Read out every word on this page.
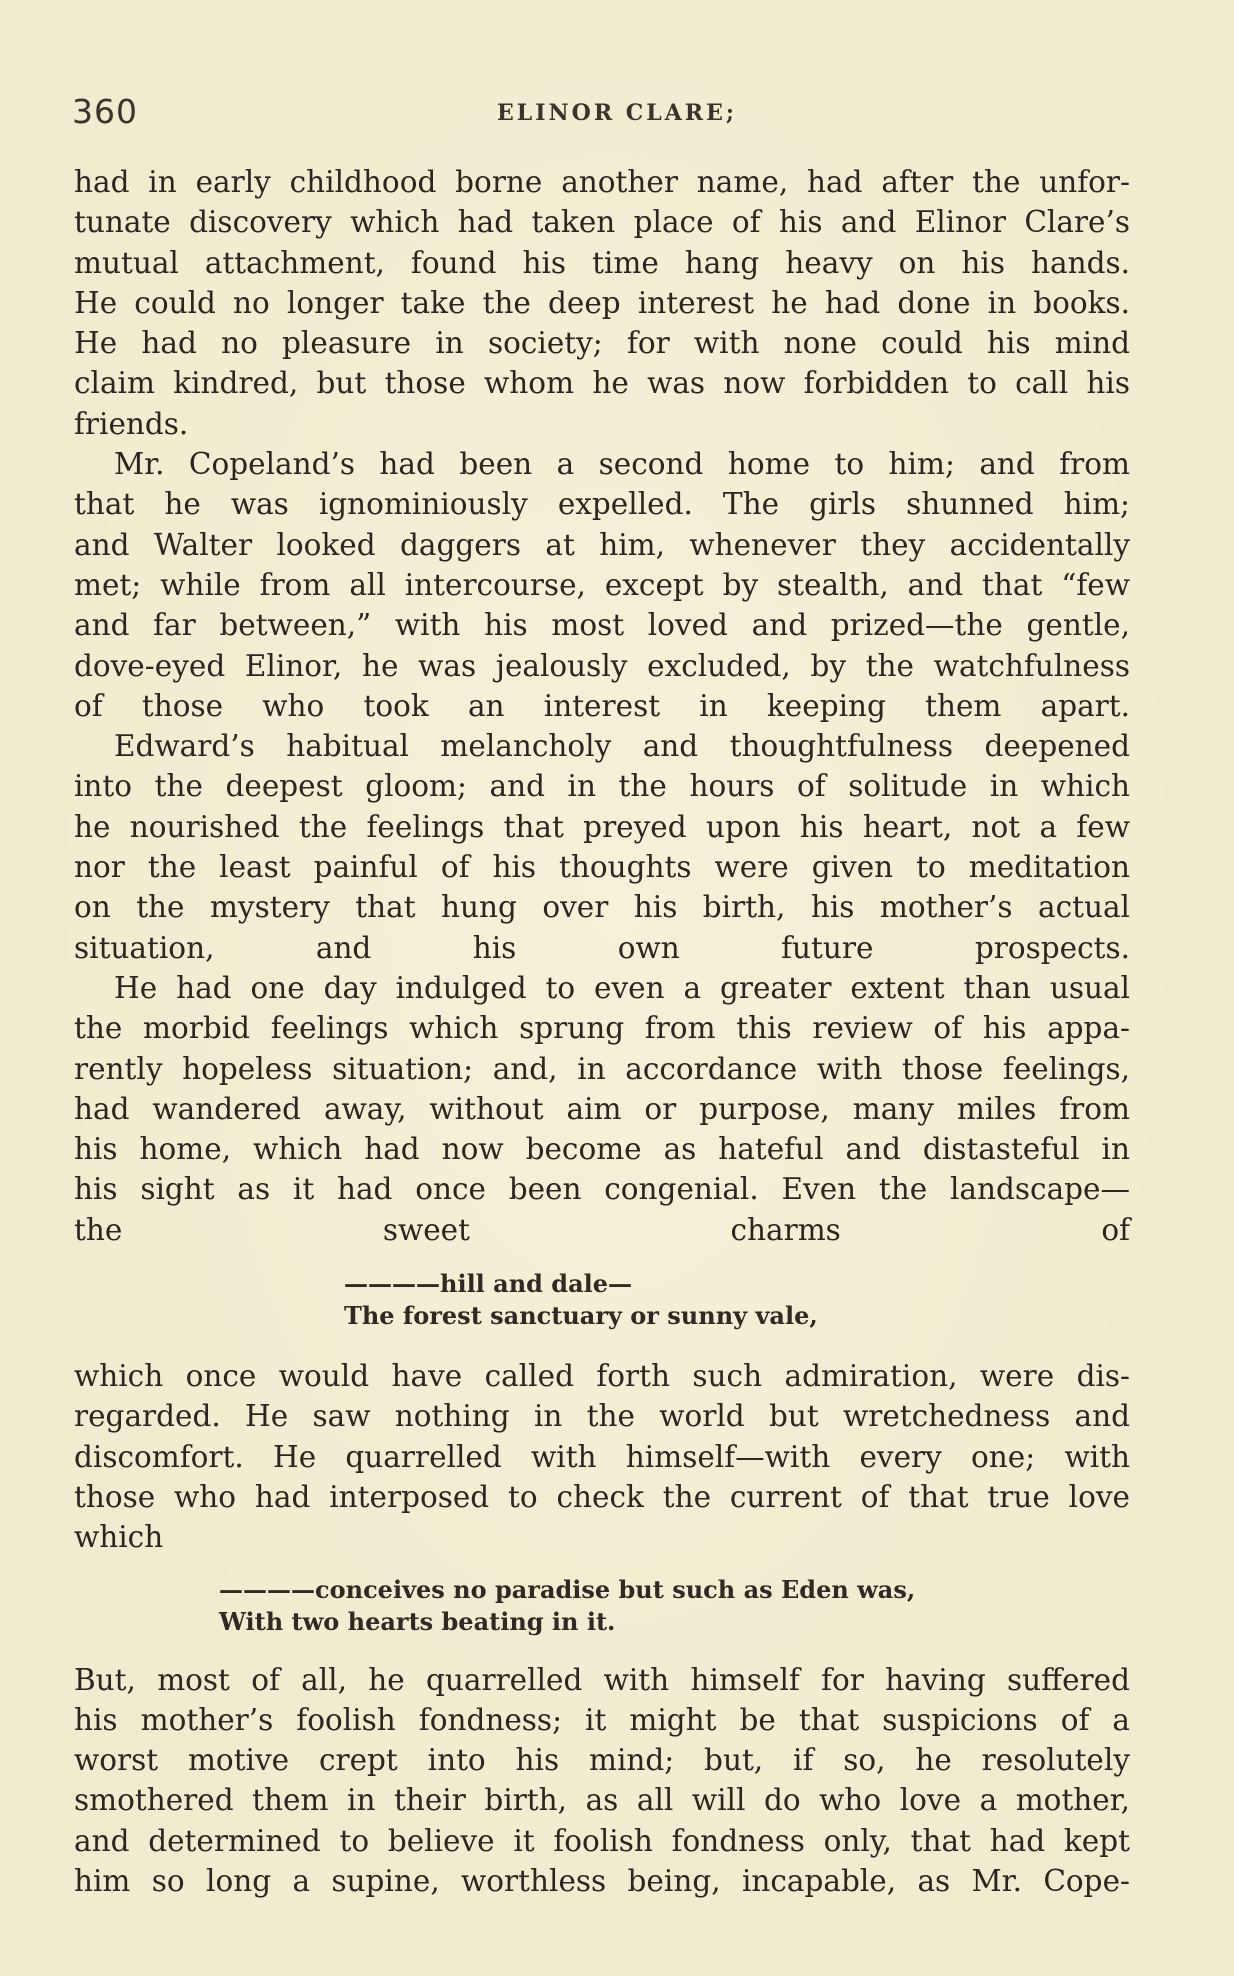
360	ELINOR CLARE;

had in early childhood borne another name, had after the unfor-
tunate discovery which had taken place of his and Elinor Clare’s
mutual attachment, found his time hang heavy on his hands.
He could no longer take the deep interest he had done in books.
He had no pleasure in society; for with none could his mind
claim kindred, but those whom he was now forbidden to call his
friends.

Mr. Copeland’s had been a second home to him; and from
that he was ignominiously expelled. The girls shunned him;
and Walter looked daggers at him, whenever they accidentally
met; while from all intercourse, except by stealth, and that “few
and far between,” with his most loved and prized—the gentle,
dove-eyed Elinor, he was jealously excluded, by the watchfulness
of those who took an interest in keeping them apart.

Edward’s habitual melancholy and thoughtfulness deepened
into the deepest gloom; and in the hours of solitude in which
he nourished the feelings that preyed upon his heart, not a few
nor the least painful of his thoughts were given to meditation
on the mystery that hung over his birth, his mother’s actual
situation, and his own future prospects.

He had one day indulged to even a greater extent than usual
the morbid feelings which sprung from this review of his appa-
rently hopeless situation; and, in accordance with those feelings,
had wandered away, without aim or purpose, many miles from
his home, which had now become as hateful and distasteful in
his sight as it had once been congenial. Even the landscape—
the sweet charms of

————hill and dale—
The forest sanctuary or sunny vale,

which once would have called forth such admiration, were dis-
regarded. He saw nothing in the world but wretchedness and
discomfort. He quarrelled with himself—with every one; with
those who had interposed to check the current of that true love
which

————conceives no paradise but such as Eden was,
With two hearts beating in it.

But, most of all, he quarrelled with himself for having suffered
his mother’s foolish fondness; it might be that suspicions of a
worst motive crept into his mind; but, if so, he resolutely
smothered them in their birth, as all will do who love a mother,
and determined to believe it foolish fondness only, that had kept
him so long a supine, worthless being, incapable, as Mr. Cope-
